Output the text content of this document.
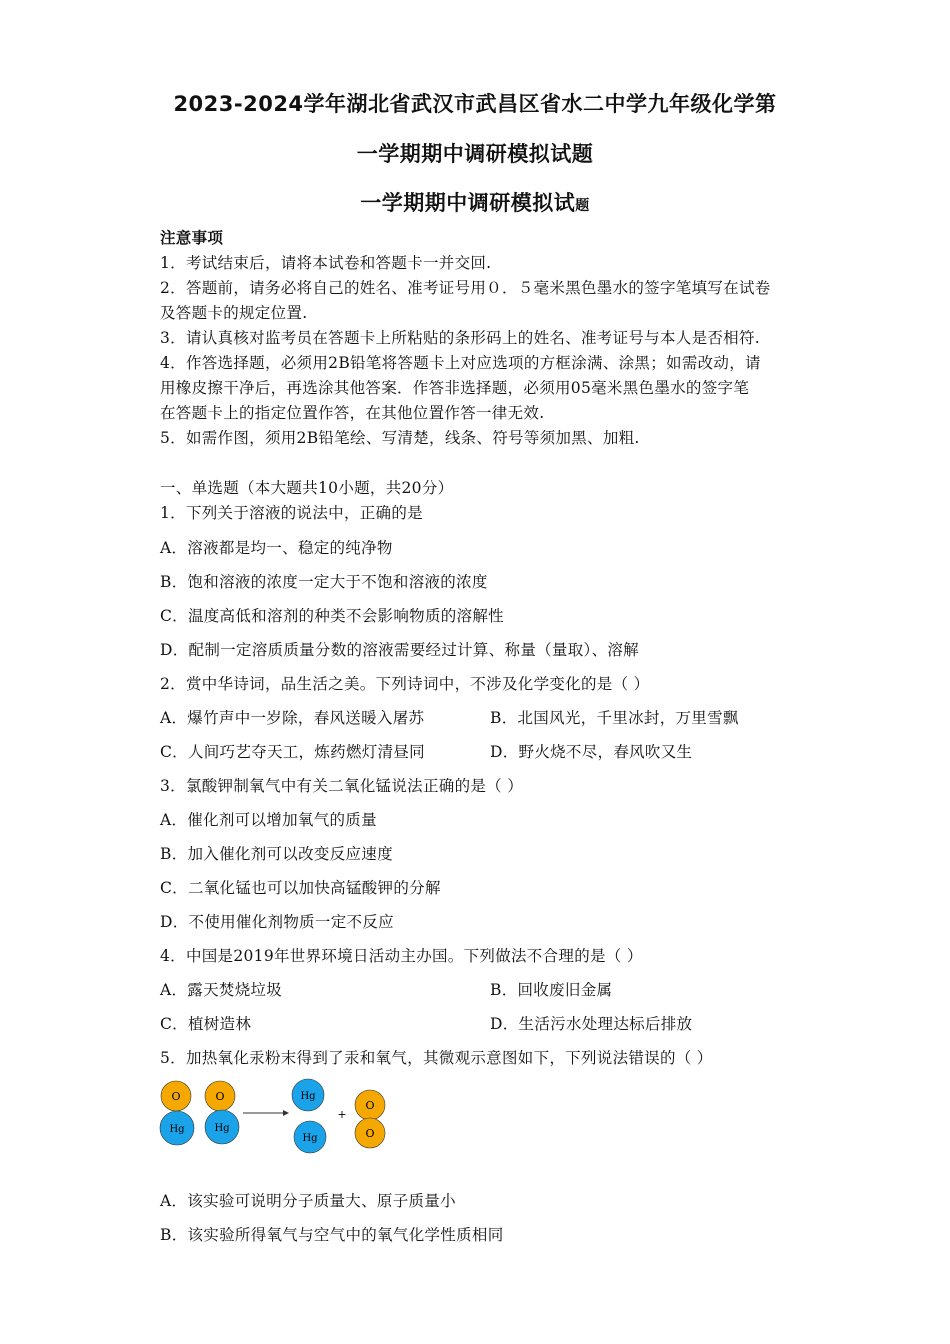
2023-2024学年湖北省武汉市武昌区省水二中学九年级化学第
一学期期中调研模拟试题
一学期期中调研模拟试题
注意事项
1．考试结束后，请将本试卷和答题卡一并交回.
2．答题前，请务必将自己的姓名、准考证号用０．５毫米黑色墨水的签字笔填写在试卷
及答题卡的规定位置.
3．请认真核对监考员在答题卡上所粘贴的条形码上的姓名、准考证号与本人是否相符.
4．作答选择题，必须用2B铅笔将答题卡上对应选项的方框涂满、涂黑；如需改动，请
用橡皮擦干净后，再选涂其他答案．作答非选择题，必须用05毫米黑色墨水的签字笔
在答题卡上的指定位置作答，在其他位置作答一律无效.
5．如需作图，须用2B铅笔绘、写清楚，线条、符号等须加黑、加粗.
一、单选题（本大题共10小题，共20分）
1．下列关于溶液的说法中，正确的是
A．溶液都是均一、稳定的纯净物
B．饱和溶液的浓度一定大于不饱和溶液的浓度
C．温度高低和溶剂的种类不会影响物质的溶解性
D．配制一定溶质质量分数的溶液需要经过计算、称量（量取）、溶解
2．赏中华诗词，品生活之美。下列诗词中，不涉及化学变化的是（ ）
A．爆竹声中一岁除，春风送暖入屠苏	B．北国风光，千里冰封，万里雪飘
C．人间巧艺夺天工，炼药燃灯清昼同	D．野火烧不尽，春风吹又生
3．氯酸钾制氧气中有关二氧化锰说法正确的是（ ）
A．催化剂可以增加氧气的质量
B．加入催化剂可以改变反应速度
C．二氧化锰也可以加快高锰酸钾的分解
D．不使用催化剂物质一定不反应
4．中国是2019年世界环境日活动主办国。下列做法不合理的是（ ）
A．露天焚烧垃圾	B．回收废旧金属
C．植树造林	D．生活污水处理达标后排放
5．加热氧化汞粉末得到了汞和氧气，其微观示意图如下，下列说法错误的（ ）
O
Hg
O
Hg
Hg
Hg
+
O
O
A．该实验可说明分子质量大、原子质量小
B．该实验所得氧气与空气中的氧气化学性质相同
